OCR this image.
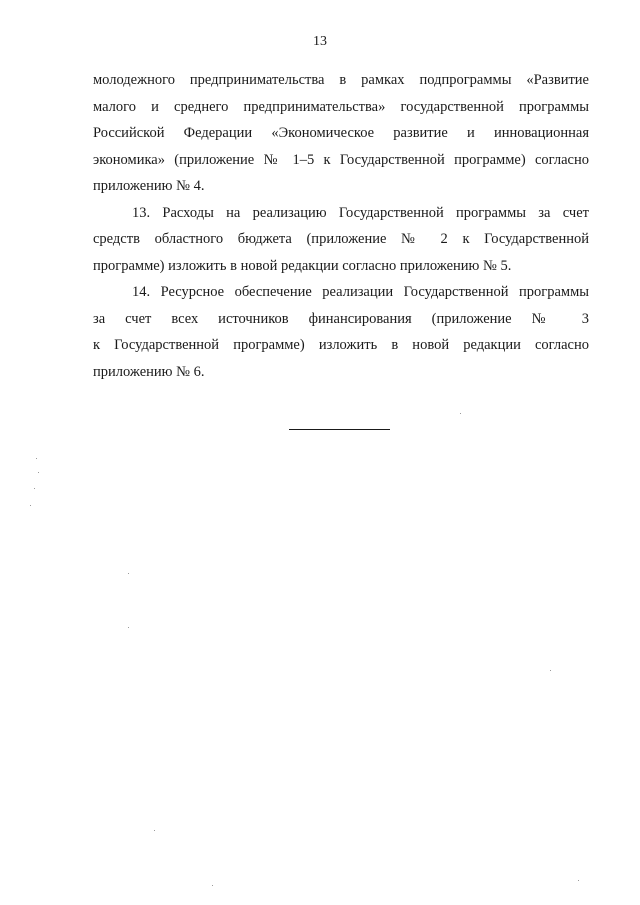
13
молодежного предпринимательства в рамках подпрограммы «Развитие
малого и среднего предпринимательства» государственной программы
Российской Федерации «Экономическое развитие и инновационная
экономика» (приложение № 1–5 к Государственной программе) согласно
приложению № 4.
13. Расходы на реализацию Государственной программы за счет
средств областного бюджета (приложение № 2 к Государственной
программе) изложить в новой редакции согласно приложению № 5.
14. Ресурсное обеспечение реализации Государственной программы
за счет всех источников финансирования (приложение № 3
к Государственной программе) изложить в новой редакции согласно
приложению № 6.
